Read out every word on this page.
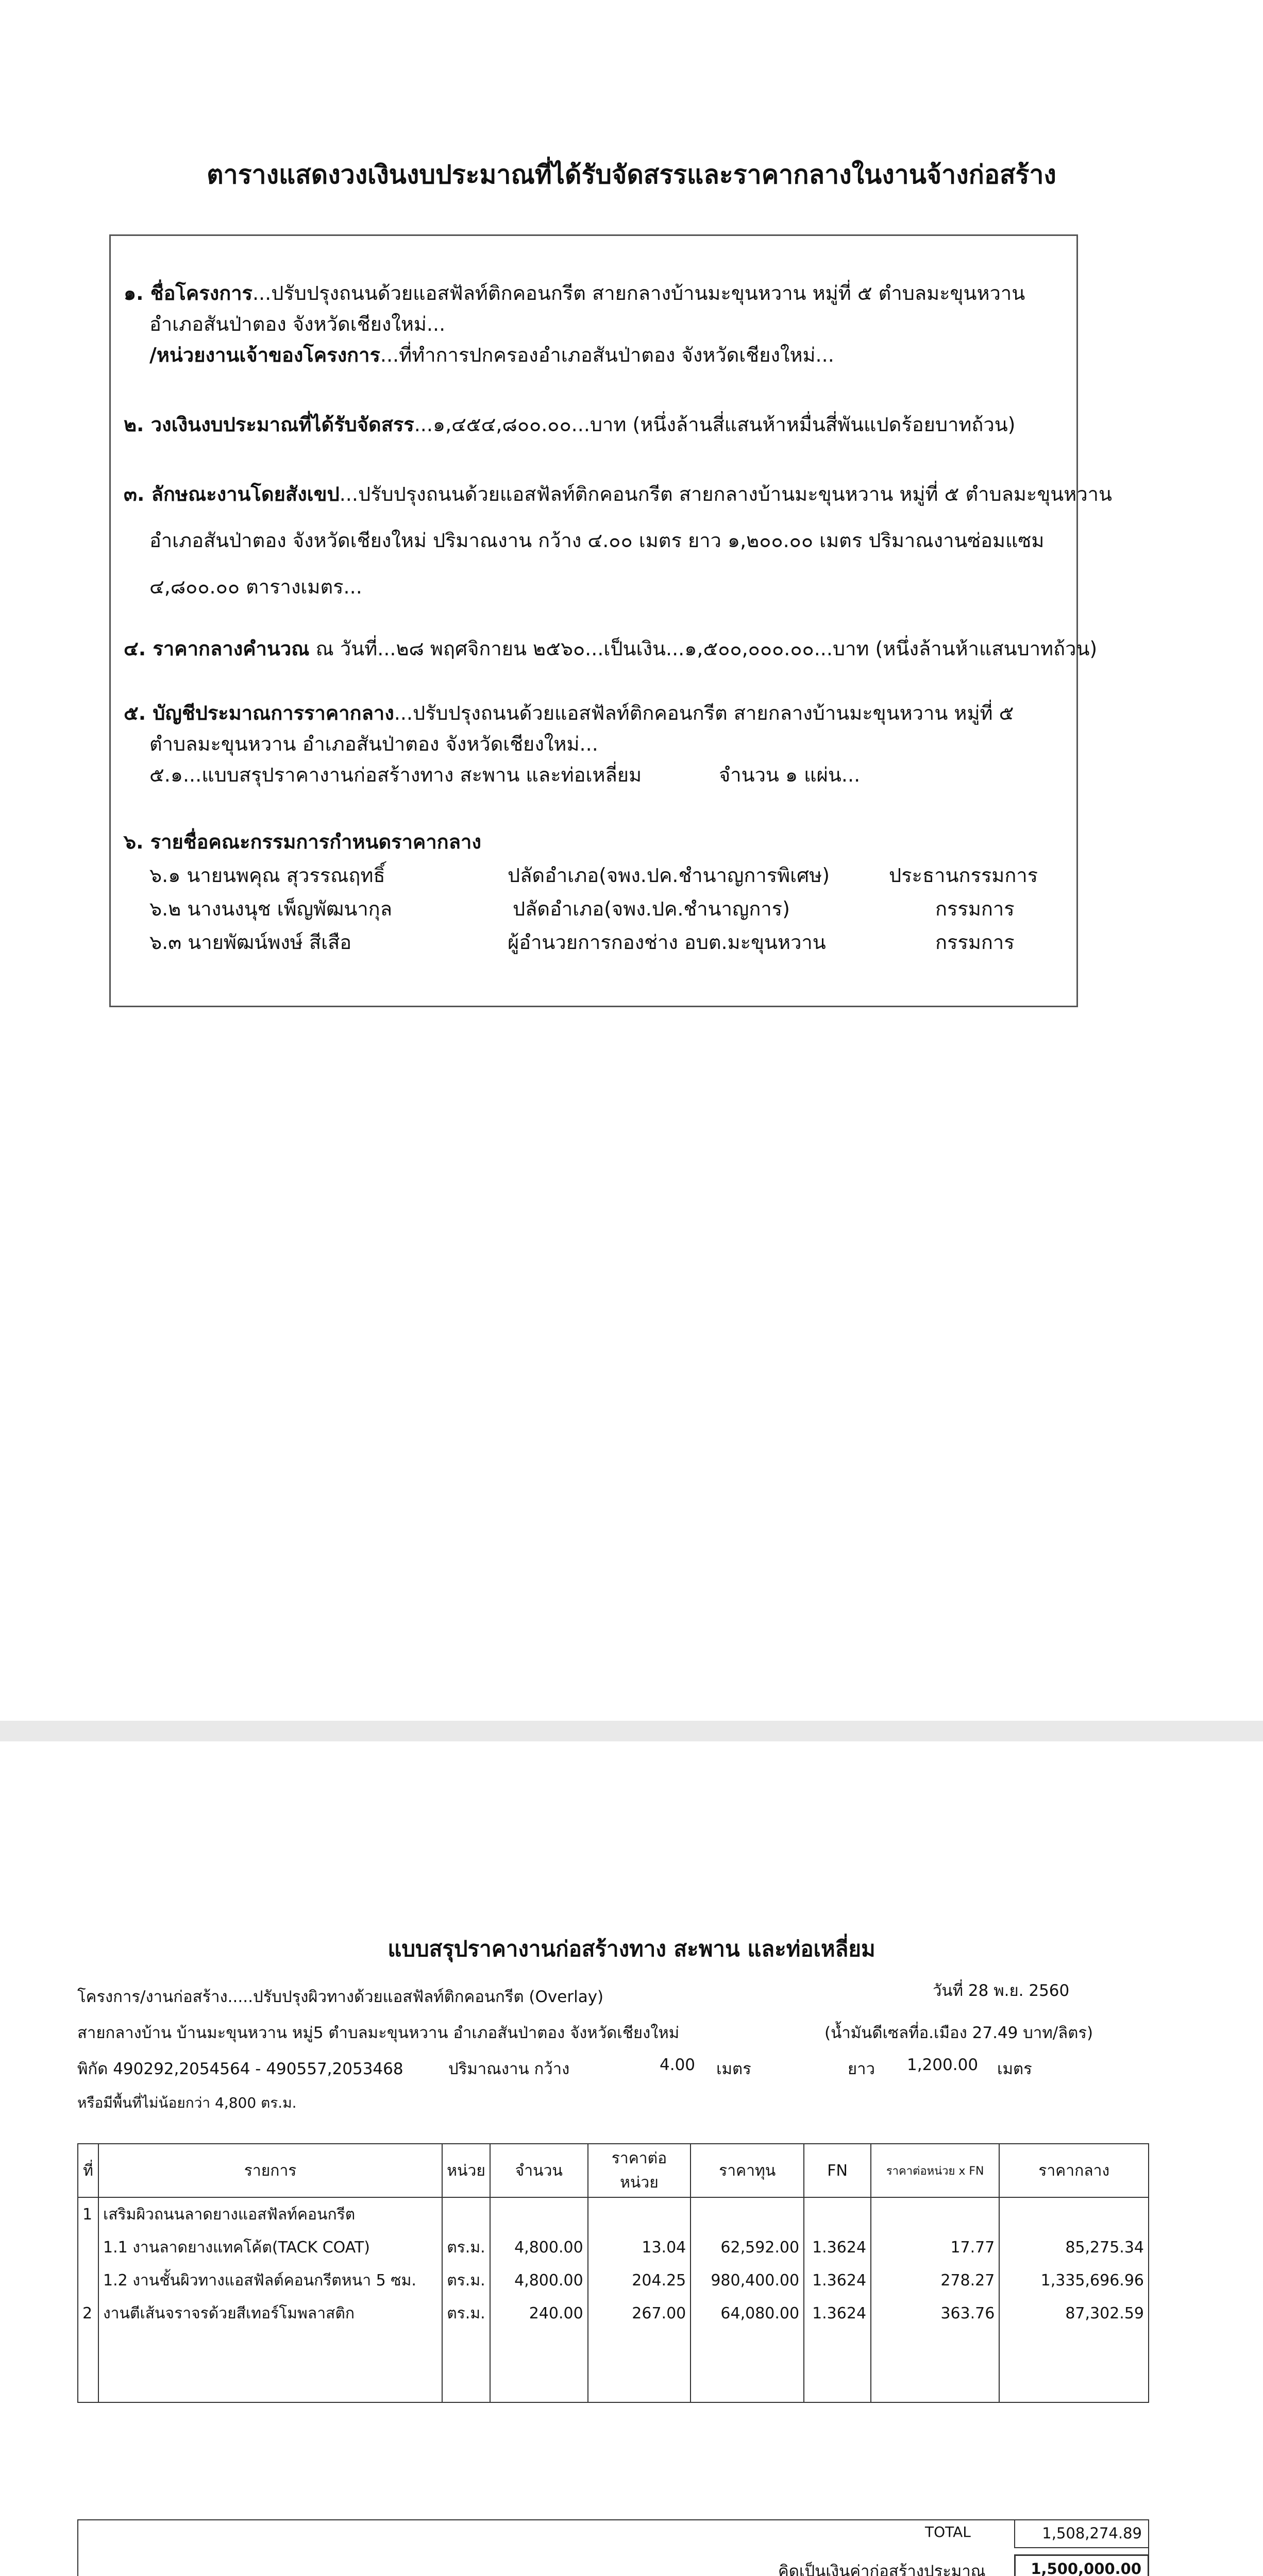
ตารางแสดงวงเงินงบประมาณที่ได้รับจัดสรรและราคากลางในงานจ้างก่อสร้าง
๑. ชื่อโครงการ...ปรับปรุงถนนด้วยแอสฟัลท์ติกคอนกรีต สายกลางบ้านมะขุนหวาน หมู่ที่ ๕ ตำบลมะขุนหวาน
อำเภอสันป่าตอง จังหวัดเชียงใหม่...
/หน่วยงานเจ้าของโครงการ...ที่ทำการปกครองอำเภอสันป่าตอง จังหวัดเชียงใหม่...
๒. วงเงินงบประมาณที่ได้รับจัดสรร...๑,๔๕๔,๘๐๐.๐๐...บาท (หนึ่งล้านสี่แสนห้าหมื่นสี่พันแปดร้อยบาทถ้วน)
๓. ลักษณะงานโดยสังเขป...ปรับปรุงถนนด้วยแอสฟัลท์ติกคอนกรีต สายกลางบ้านมะขุนหวาน หมู่ที่ ๕ ตำบลมะขุนหวาน
อำเภอสันป่าตอง จังหวัดเชียงใหม่ ปริมาณงาน กว้าง ๔.๐๐ เมตร ยาว ๑,๒๐๐.๐๐ เมตร ปริมาณงานซ่อมแซม
๔,๘๐๐.๐๐ ตารางเมตร...
๔. ราคากลางคำนวณ ณ วันที่...๒๘ พฤศจิกายน ๒๕๖๐...เป็นเงิน...๑,๕๐๐,๐๐๐.๐๐...บาท (หนึ่งล้านห้าแสนบาทถ้วน)
๕. บัญชีประมาณการราคากลาง...ปรับปรุงถนนด้วยแอสฟัลท์ติกคอนกรีต สายกลางบ้านมะขุนหวาน หมู่ที่ ๕
ตำบลมะขุนหวาน อำเภอสันป่าตอง จังหวัดเชียงใหม่...
๕.๑...แบบสรุปราคางานก่อสร้างทาง สะพาน และท่อเหลี่ยม	จำนวน ๑ แผ่น...
๖. รายชื่อคณะกรรมการกำหนดราคากลาง
๖.๑ นายนพคุณ สุวรรณฤทธิ์	ปลัดอำเภอ(จพง.ปค.ชำนาญการพิเศษ)	ประธานกรรมการ
๖.๒ นางนงนุช เพ็ญพัฒนากุล	ปลัดอำเภอ(จพง.ปค.ชำนาญการ)	กรรมการ
๖.๓ นายพัฒน์พงษ์ สีเสือ	ผู้อำนวยการกองช่าง อบต.มะขุนหวาน	กรรมการ
แบบสรุปราคางานก่อสร้างทาง สะพาน และท่อเหลี่ยม
โครงการ/งานก่อสร้าง.....ปรับปรุงผิวทางด้วยแอสฟัลท์ติกคอนกรีต (Overlay)	วันที่ 28 พ.ย. 2560
สายกลางบ้าน บ้านมะขุนหวาน หมู่5 ตำบลมะขุนหวาน อำเภอสันป่าตอง จังหวัดเชียงใหม่	(น้ำมันดีเซลที่อ.เมือง 27.49 บาท/ลิตร)
พิกัด 490292,2054564 - 490557,2053468	ปริมาณงาน กว้าง	4.00 เมตร	ยาว 1,200.00 เมตร
หรือมีพื้นที่ไม่น้อยกว่า 4,800 ตร.ม.
ที่	รายการ	หน่วย	จำนวน	ราคาต่อหน่วย	ราคาทุน	FN	ราคาต่อหน่วย x FN	ราคากลาง
1	เสริมผิวถนนลาดยางแอสฟัลท์คอนกรีต							
	1.1 งานลาดยางแทคโค้ต(TACK COAT)	ตร.ม.	4,800.00	13.04	62,592.00	1.3624	17.77	85,275.34
	1.2 งานชั้นผิวทางแอสฟัลต์คอนกรีตหนา 5 ซม.	ตร.ม.	4,800.00	204.25	980,400.00	1.3624	278.27	1,335,696.96
2	งานตีเส้นจราจรด้วยสีเทอร์โมพลาสติก	ตร.ม.	240.00	267.00	64,080.00	1.3624	363.76	87,302.59

TOTAL	1,508,274.89
คิดเป็นเงินค่าก่อสร้างประมาณ	1,500,000.00
